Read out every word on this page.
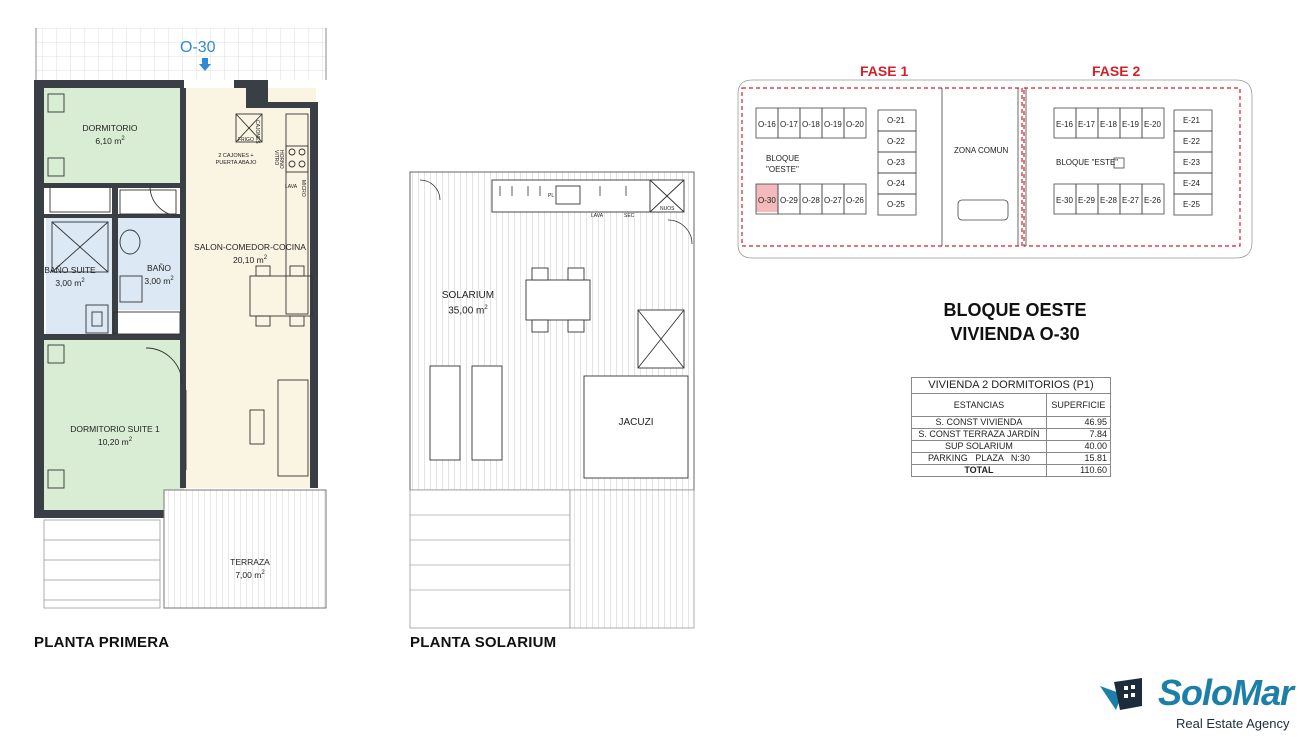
O-30
DORMITORIO
6,10 $m^2$
SALON-COMEDOR-COCINA
20,10 $m^2$
BAÑO SUITE
3,00 $m^2$
BAÑO
3,00 $m^2$
DORMITORIO SUITE 1
10,20 $m^2$
TERRAZA
7,00 $m^2$
FRIGO CAJONES
2 CAJONES +
PUERTA ABAJO	VITRO HORNO
LAVA MICRO
PLANTA PRIMERA
SOLARIUM
35,00 $m^2$
JACUZI
LAVA	SEC
NUOS
PL
PLANTA SOLARIUM
FASE 1	FASE 2
ZONA COMUN
BLOQUE
"OESTE"
BLOQUE "ESTE"
O-16 O-17 O-18 O-19 O-20
O-30 O-29 O-28 O-27 O-26
O-21
O-22
O-23
O-24
O-25
E-16 E-17 E-18 E-19 E-20
E-30 E-29 E-28 E-27 E-26
E-21
E-22
E-23
E-24
E-25
BLOQUE OESTE
VIVIENDA O-30
VIVIENDA 2 DORMITORIOS (P1)	
ESTANCIAS	SUPERFICIE
S. CONST VIVIENDA	46.95
S. CONST TERRAZA JARDÍN	7.84
SUP SOLARIUM	40.00
PARKING   PLAZA   N:30	15.81
TOTAL	110.60
SoloMar
Real Estate Agency
